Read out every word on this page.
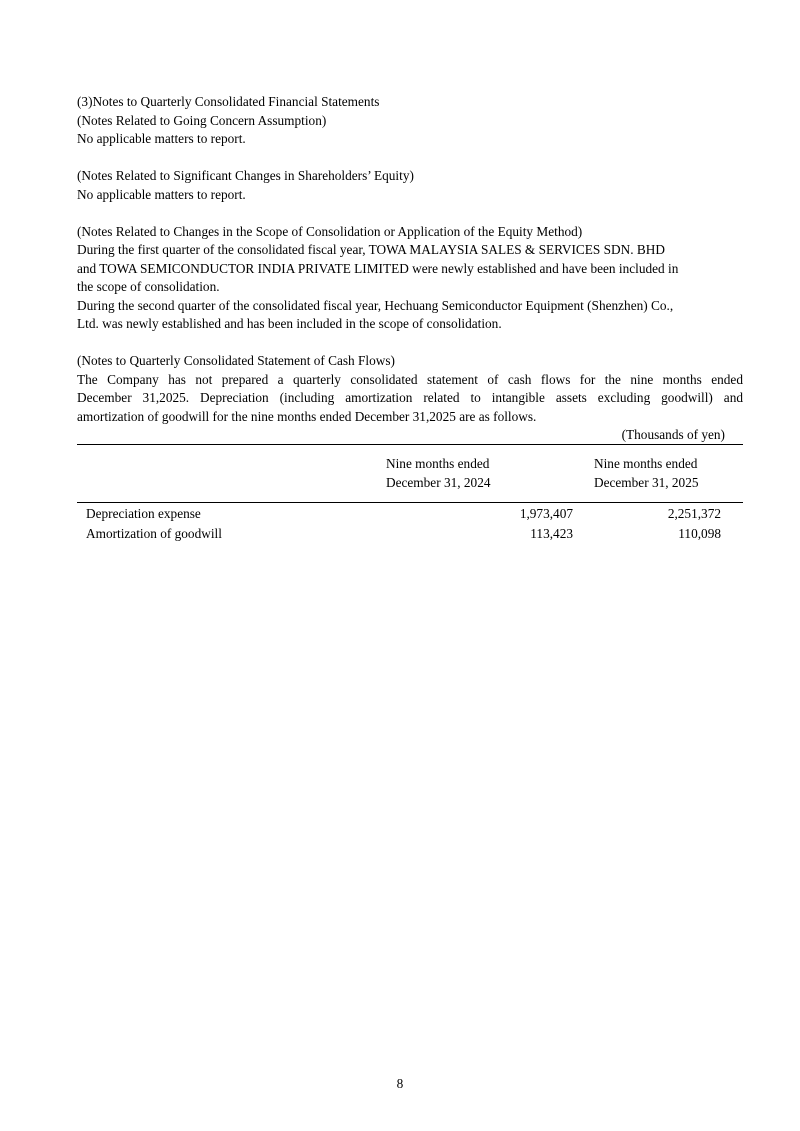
(3)Notes to Quarterly Consolidated Financial Statements
(Notes Related to Going Concern Assumption)
No applicable matters to report.
(Notes Related to Significant Changes in Shareholders’ Equity)
No applicable matters to report.
(Notes Related to Changes in the Scope of Consolidation or Application of the Equity Method)
During the first quarter of the consolidated fiscal year, TOWA MALAYSIA SALES & SERVICES SDN. BHD
and TOWA SEMICONDUCTOR INDIA PRIVATE LIMITED were newly established and have been included in
the scope of consolidation.
During the second quarter of the consolidated fiscal year, Hechuang Semiconductor Equipment (Shenzhen) Co.,
Ltd. was newly established and has been included in the scope of consolidation.
(Notes to Quarterly Consolidated Statement of Cash Flows)
The Company has not prepared a quarterly consolidated statement of cash flows for the nine months ended
December 31,2025. Depreciation (including amortization related to intangible assets excluding goodwill) and
amortization of goodwill for the nine months ended December 31,2025 are as follows.
(Thousands of yen)

Nine months ended
December 31, 2024

Nine months ended
December 31, 2025

Depreciation expense	1,973,407	2,251,372
Amortization of goodwill	113,423	110,098
8
